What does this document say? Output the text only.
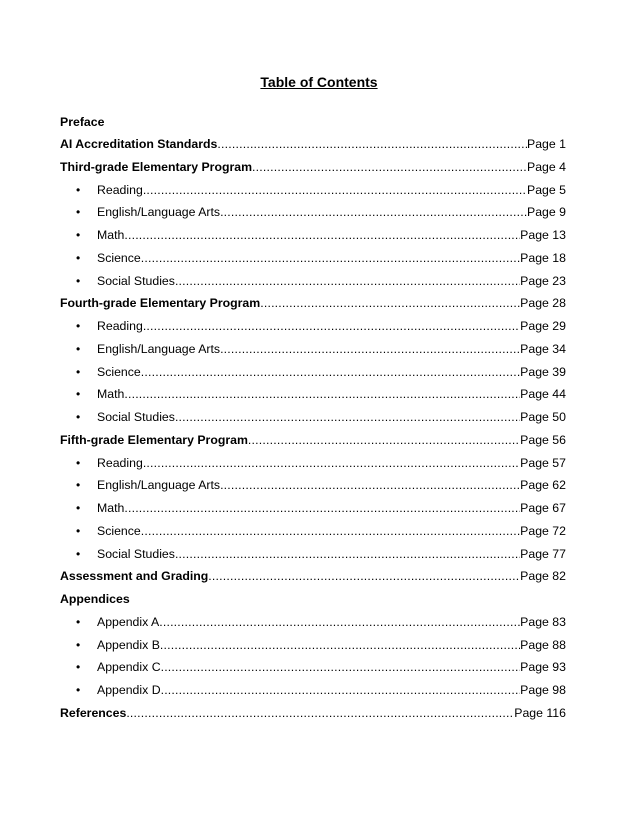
Table of Contents
Preface
AI Accreditation Standards .....	Page 1
Third-grade Elementary Program .....	Page 4
Reading .....	Page 5
•
English/Language Arts .....	Page 9
•
Math .....	Page 13
•
Science .....	Page 18
•
Social Studies .....	Page 23
•
Fourth-grade Elementary Program .....	Page 28
Reading .....	Page 29
•
English/Language Arts .....	Page 34
•
Science .....	Page 39
•
Math .....	Page 44
•
Social Studies .....	Page 50
•
Fifth-grade Elementary Program .....	Page 56
Reading .....	Page 57
•
English/Language Arts .....	Page 62
•
Math .....	Page 67
•
Science .....	Page 72
•
Social Studies .....	Page 77
•
Assessment and Grading .....	Page 82
Appendices
Appendix A .....	Page 83
•
Appendix B .....	Page 88
•
Appendix C .....	Page 93
•
Appendix D .....	Page 98
•
References .....	Page 116
